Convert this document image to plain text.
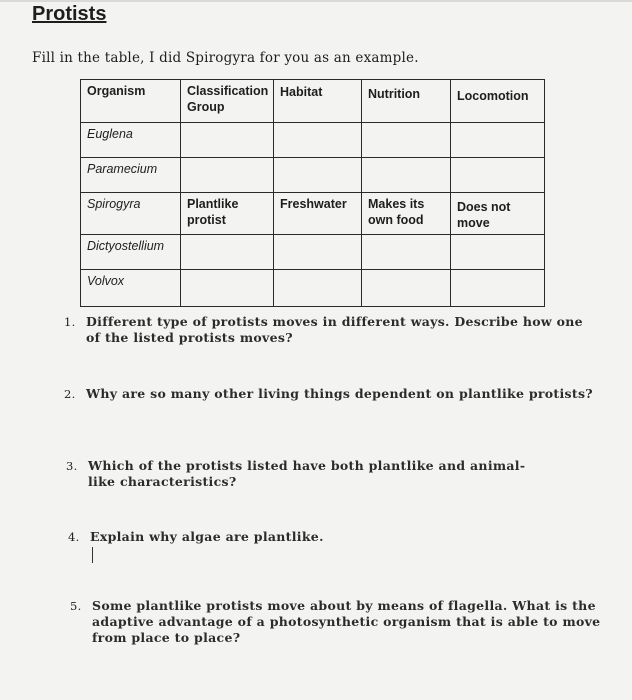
Protists
Fill in the table, I did Spirogyra for you as an example.
Organism	Classification Group	Habitat	Nutrition	Locomotion
Euglena				
Paramecium				
Spirogyra	Plantlike protist	Freshwater	Makes its own food	Does not move
Dictyostellium				
Volvox				
1. Different type of protists moves in different ways. Describe how one of the listed protists moves?
2. Why are so many other living things dependent on plantlike protists?
3. Which of the protists listed have both plantlike and animal-like characteristics?
4. Explain why algae are plantlike.
5. Some plantlike protists move about by means of flagella. What is the adaptive advantage of a photosynthetic organism that is able to move from place to place?
